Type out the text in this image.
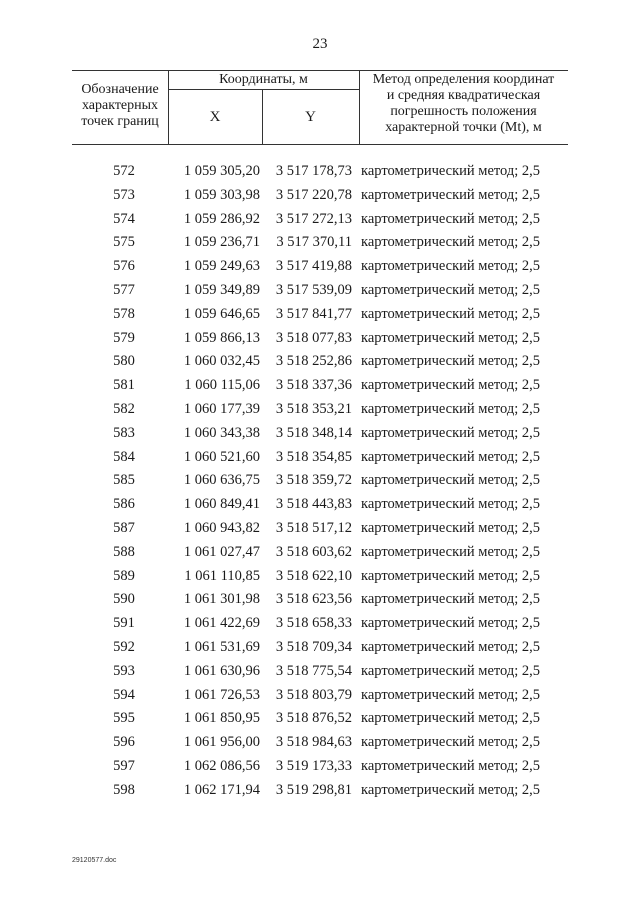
23
Обозначение
характерных
точек границ
Координаты, м
X	Y
Метод определения координат
и средняя квадратическая
погрешность положения
характерной точки (Mt), м
572	1 059 305,20	3 517 178,73 картометрический метод; 2,5
573	1 059 303,98	3 517 220,78 картометрический метод; 2,5
574	1 059 286,92	3 517 272,13 картометрический метод; 2,5
575	1 059 236,71	3 517 370,11 картометрический метод; 2,5
576	1 059 249,63	3 517 419,88 картометрический метод; 2,5
577	1 059 349,89	3 517 539,09 картометрический метод; 2,5
578	1 059 646,65	3 517 841,77 картометрический метод; 2,5
579	1 059 866,13	3 518 077,83 картометрический метод; 2,5
580	1 060 032,45	3 518 252,86 картометрический метод; 2,5
581	1 060 115,06	3 518 337,36 картометрический метод; 2,5
582	1 060 177,39	3 518 353,21 картометрический метод; 2,5
583	1 060 343,38	3 518 348,14 картометрический метод; 2,5
584	1 060 521,60	3 518 354,85 картометрический метод; 2,5
585	1 060 636,75	3 518 359,72 картометрический метод; 2,5
586	1 060 849,41	3 518 443,83 картометрический метод; 2,5
587	1 060 943,82	3 518 517,12 картометрический метод; 2,5
588	1 061 027,47	3 518 603,62 картометрический метод; 2,5
589	1 061 110,85	3 518 622,10 картометрический метод; 2,5
590	1 061 301,98	3 518 623,56 картометрический метод; 2,5
591	1 061 422,69	3 518 658,33 картометрический метод; 2,5
592	1 061 531,69	3 518 709,34 картометрический метод; 2,5
593	1 061 630,96	3 518 775,54 картометрический метод; 2,5
594	1 061 726,53	3 518 803,79 картометрический метод; 2,5
595	1 061 850,95	3 518 876,52 картометрический метод; 2,5
596	1 061 956,00	3 518 984,63 картометрический метод; 2,5
597	1 062 086,56	3 519 173,33 картометрический метод; 2,5
598	1 062 171,94	3 519 298,81 картометрический метод; 2,5
29120577.doc
